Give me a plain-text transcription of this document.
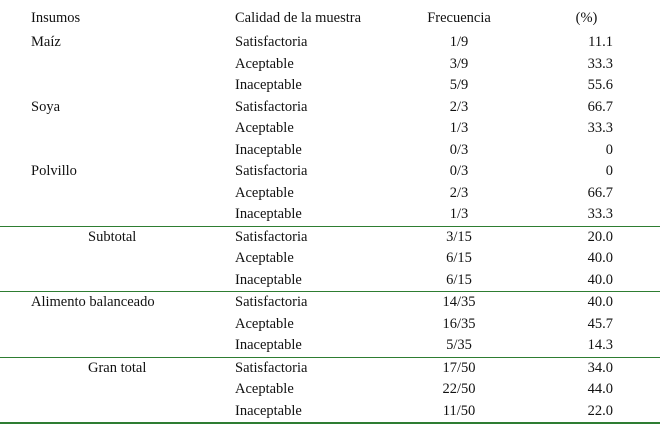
Insumos	Calidad de la muestra	Frecuencia	(%)
Maíz	Satisfactoria	1/9	11.1
	Aceptable	3/9	33.3
	Inaceptable	5/9	55.6
Soya	Satisfactoria	2/3	66.7
	Aceptable	1/3	33.3
	Inaceptable	0/3	0
Polvillo	Satisfactoria	0/3	0
	Aceptable	2/3	66.7
	Inaceptable	1/3	33.3
Subtotal	Satisfactoria	3/15	20.0
	Aceptable	6/15	40.0
	Inaceptable	6/15	40.0
Alimento balanceado	Satisfactoria	14/35	40.0
	Aceptable	16/35	45.7
	Inaceptable	5/35	14.3
Gran total	Satisfactoria	17/50	34.0
	Aceptable	22/50	44.0
	Inaceptable	11/50	22.0
